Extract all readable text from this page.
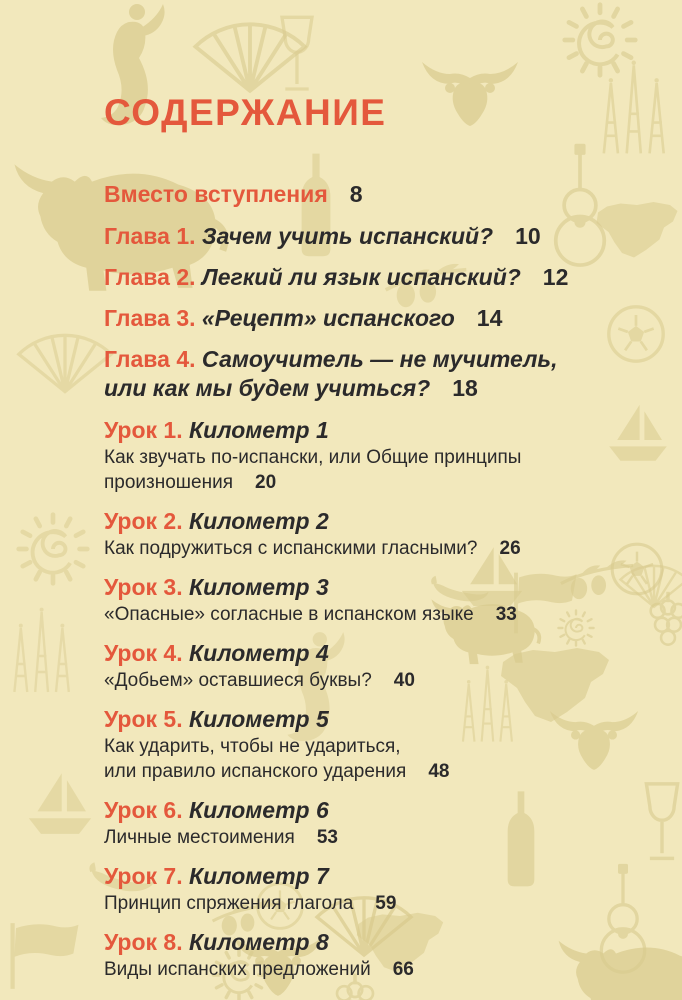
СОДЕРЖАНИЕ
Вместо вступления 8
Глава 1. Зачем учить испанский? 10
Глава 2. Легкий ли язык испанский? 12
Глава 3. «Рецепт» испанского 14
Глава 4. Самоучитель — не мучитель,
или как мы будем учиться? 18
Урок 1. Километр 1
Как звучать по-испански, или Общие принципы произношения 20
Урок 2. Километр 2
Как подружиться с испанскими гласными? 26
Урок 3. Километр 3
«Опасные» согласные в испанском языке 33
Урок 4. Километр 4
«Добьем» оставшиеся буквы? 40
Урок 5. Километр 5
Как ударить, чтобы не удариться,
или правило испанского ударения 48
Урок 6. Километр 6
Личные местоимения 53
Урок 7. Километр 7
Принцип спряжения глагола 59
Урок 8. Километр 8
Виды испанских предложений 66
